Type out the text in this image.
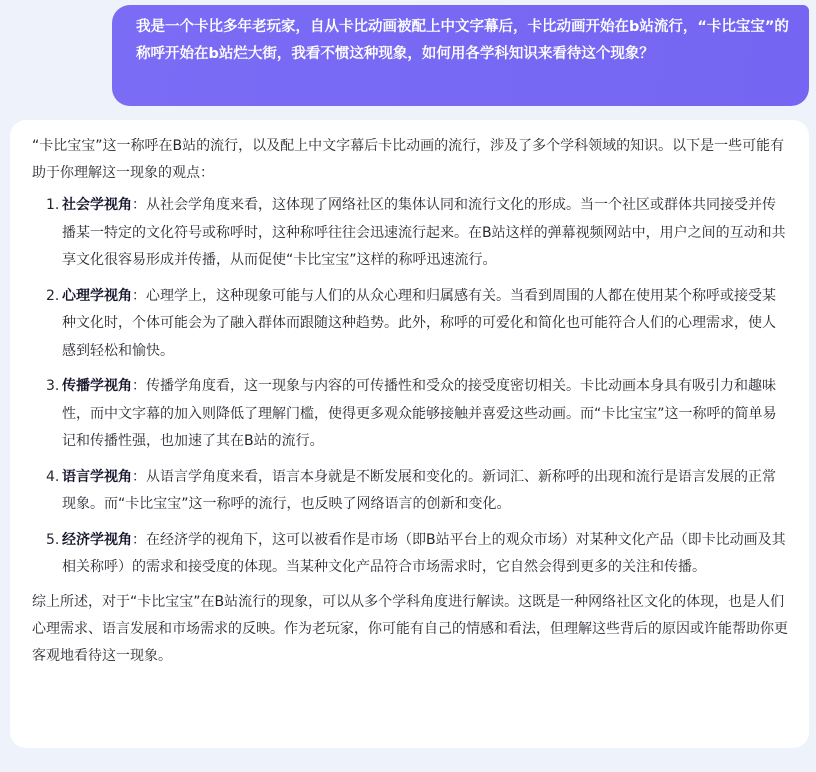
我是一个卡比多年老玩家，自从卡比动画被配上中文字幕后，卡比动画开始在b站流行，“卡比宝宝”的称呼开始在b站烂大街，我看不惯这种现象，如何用各学科知识来看待这个现象？

“卡比宝宝”这一称呼在B站的流行，以及配上中文字幕后卡比动画的流行，涉及了多个学科领域的知识。以下是一些可能有助于你理解这一现象的观点：

1. 社会学视角：从社会学角度来看，这体现了网络社区的集体认同和流行文化的形成。当一个社区或群体共同接受并传播某一特定的文化符号或称呼时，这种称呼往往会迅速流行起来。在B站这样的弹幕视频网站中，用户之间的互动和共享文化很容易形成并传播，从而促使“卡比宝宝”这样的称呼迅速流行。
2. 心理学视角：心理学上，这种现象可能与人们的从众心理和归属感有关。当看到周围的人都在使用某个称呼或接受某种文化时，个体可能会为了融入群体而跟随这种趋势。此外，称呼的可爱化和简化也可能符合人们的心理需求，使人感到轻松和愉快。
3. 传播学视角：传播学角度看，这一现象与内容的可传播性和受众的接受度密切相关。卡比动画本身具有吸引力和趣味性，而中文字幕的加入则降低了理解门槛，使得更多观众能够接触并喜爱这些动画。而“卡比宝宝”这一称呼的简单易记和传播性强，也加速了其在B站的流行。
4. 语言学视角：从语言学角度来看，语言本身就是不断发展和变化的。新词汇、新称呼的出现和流行是语言发展的正常现象。而“卡比宝宝”这一称呼的流行，也反映了网络语言的创新和变化。
5. 经济学视角：在经济学的视角下，这可以被看作是市场（即B站平台上的观众市场）对某种文化产品（即卡比动画及其相关称呼）的需求和接受度的体现。当某种文化产品符合市场需求时，它自然会得到更多的关注和传播。

综上所述，对于“卡比宝宝”在B站流行的现象，可以从多个学科角度进行解读。这既是一种网络社区文化的体现，也是人们心理需求、语言发展和市场需求的反映。作为老玩家，你可能有自己的情感和看法，但理解这些背后的原因或许能帮助你更客观地看待这一现象。
